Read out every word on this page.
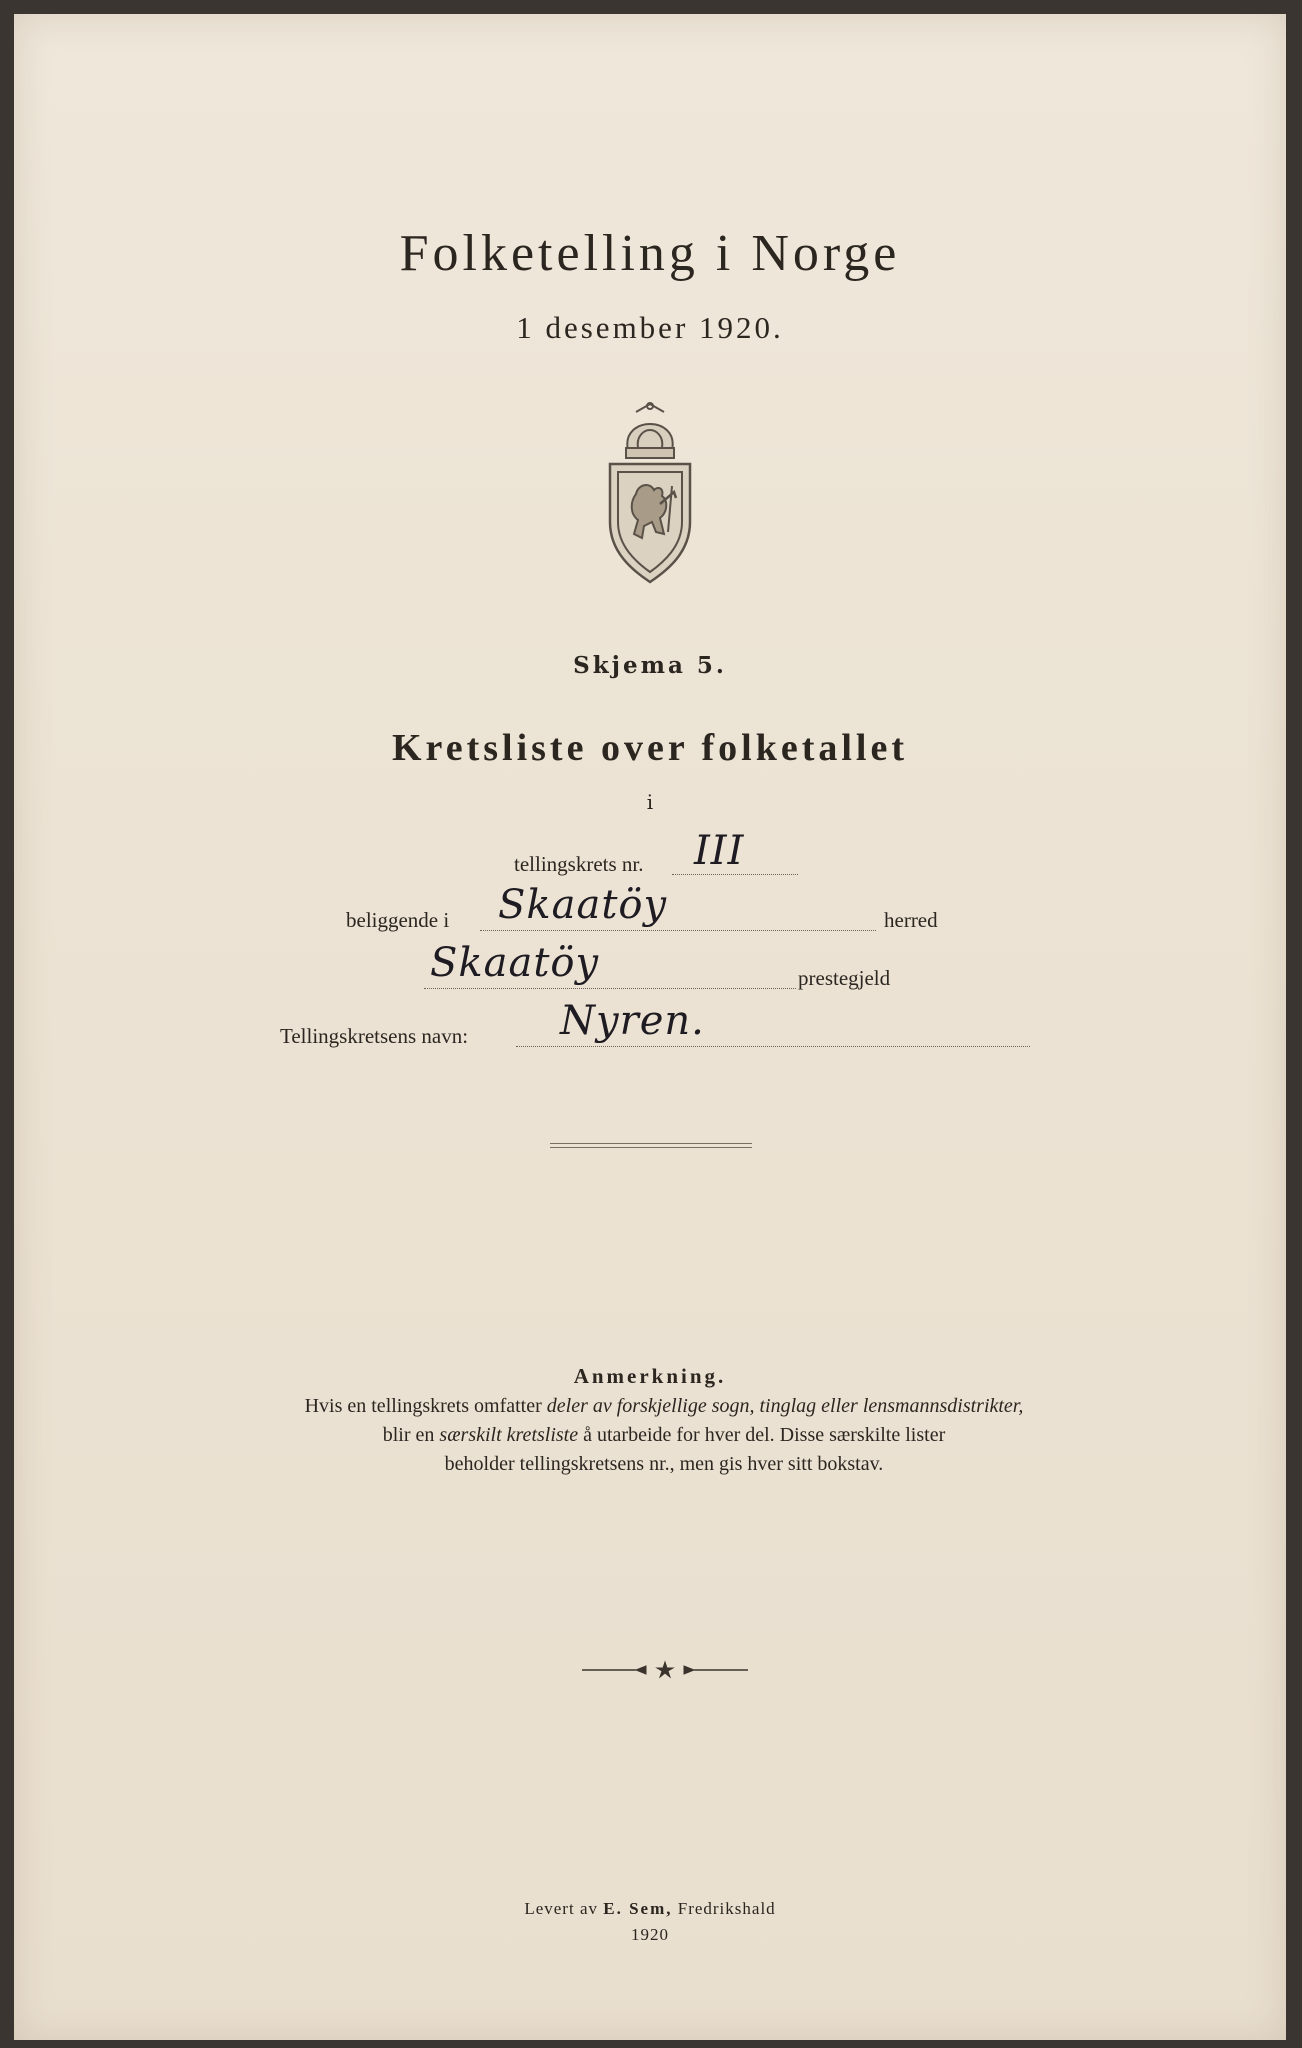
Folketelling i Norge
1 desember 1920.
Skjema 5.
Kretsliste over folketallet
i
tellingskrets nr. III
beliggende i Skaatöy	herred
Skaatöy	prestegjeld
Tellingskretsens navn: Nyren.
Anmerkning.
Hvis en tellingskrets omfatter deler av forskjellige sogn, tinglag eller lensmannsdistrikter,
blir en særskilt kretsliste å utarbeide for hver del. Disse særskilte lister
beholder tellingskretsens nr., men gis hver sitt bokstav.
Levert av E. Sem, Fredrikshald
1920
